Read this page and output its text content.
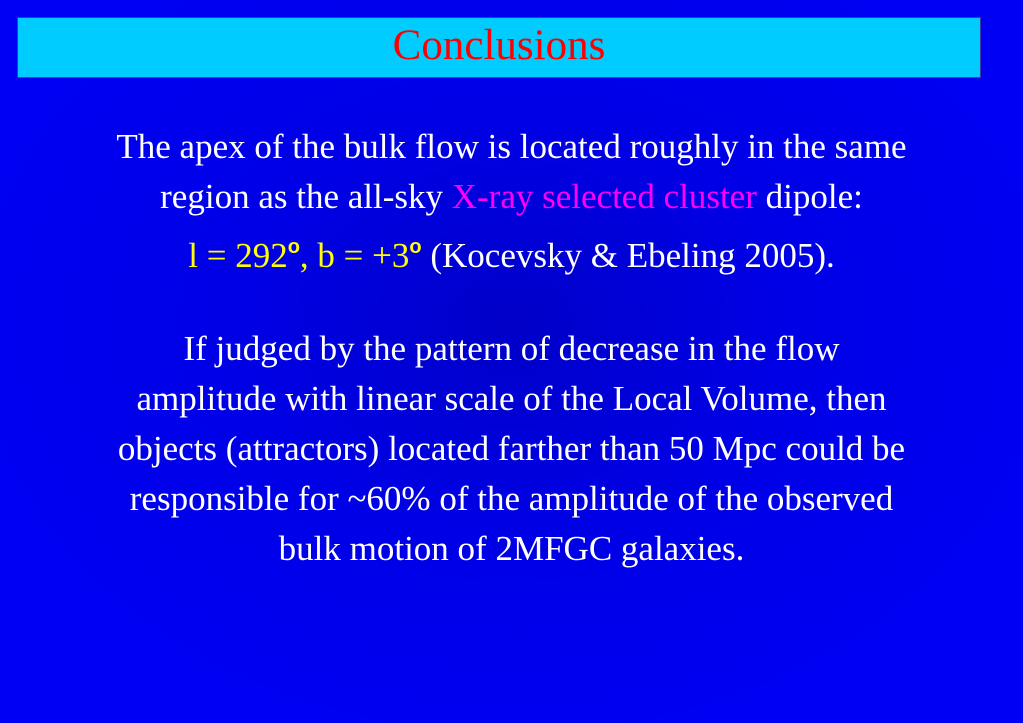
Conclusions
The apex of the bulk flow is located roughly in the same
region as the all-sky X-ray selected cluster dipole:
$l = 292^o$, $b = +3^o$ (Kocevsky & Ebeling 2005).
If judged by the pattern of decrease in the flow
amplitude with linear scale of the Local Volume, then
objects (attractors) located farther than 50 Mpc could be
responsible for ~60% of the amplitude of the observed
bulk motion of 2MFGC galaxies.
